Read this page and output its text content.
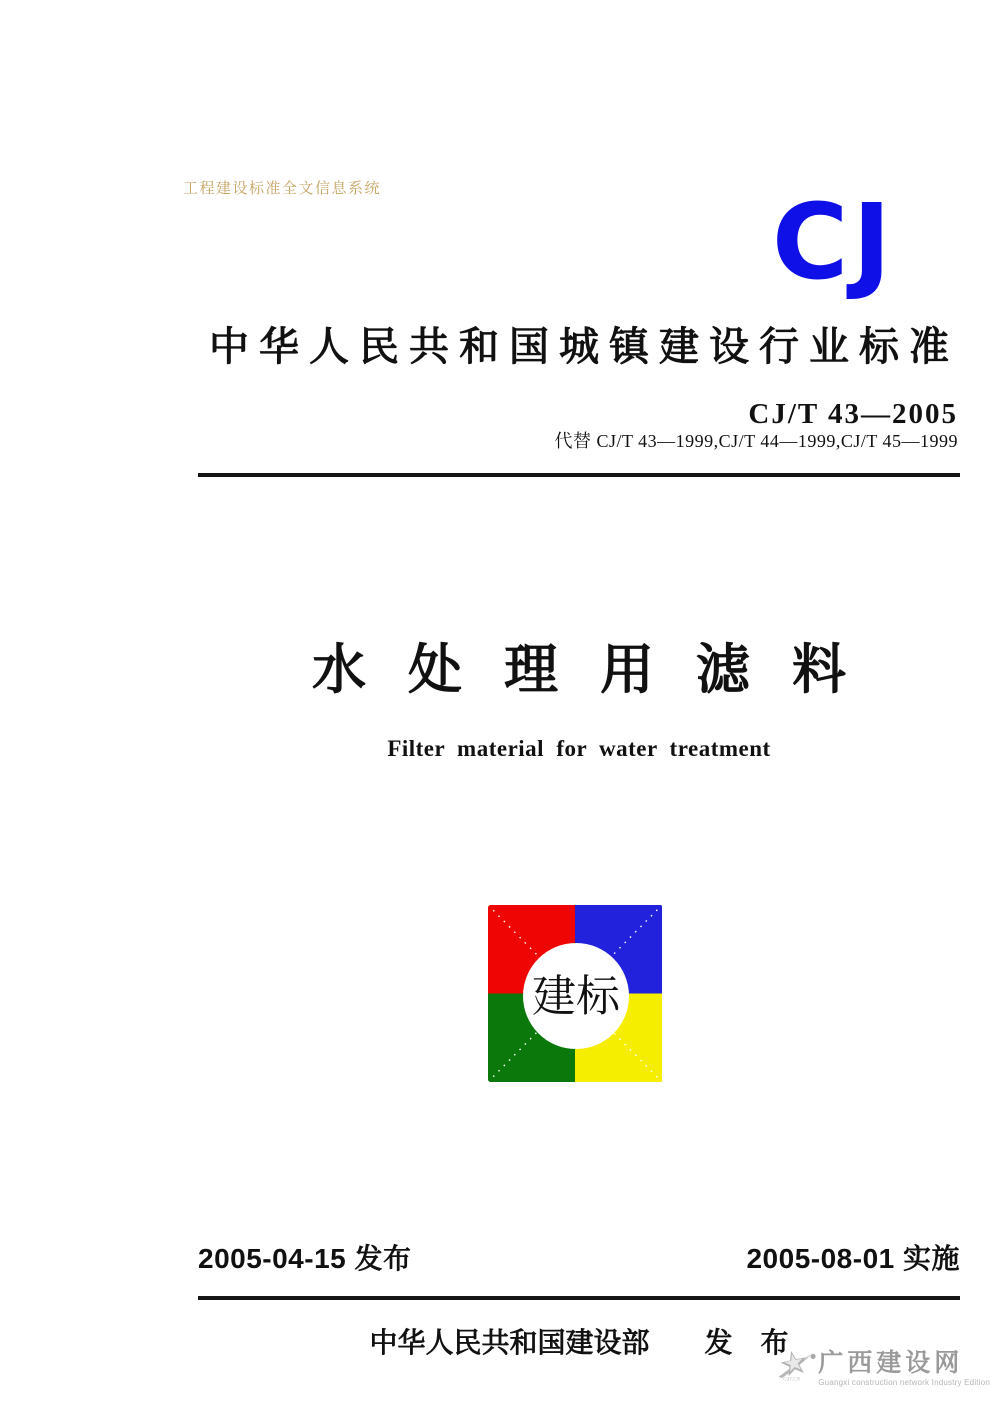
工程建设标准全文信息系统	CJ
中华人民共和国城镇建设行业标准
CJ/T 43—2005
代替 CJ/T 43—1999,CJ/T 44—1999,CJ/T 45—1999
水处理用滤料
Filter material for water treatment
建标
2005-04-15 发布	2005-08-01 实施
中华人民共和国建设部 发　布
GXCCN
广西建设网
Guangxi construction network Industry Edition
